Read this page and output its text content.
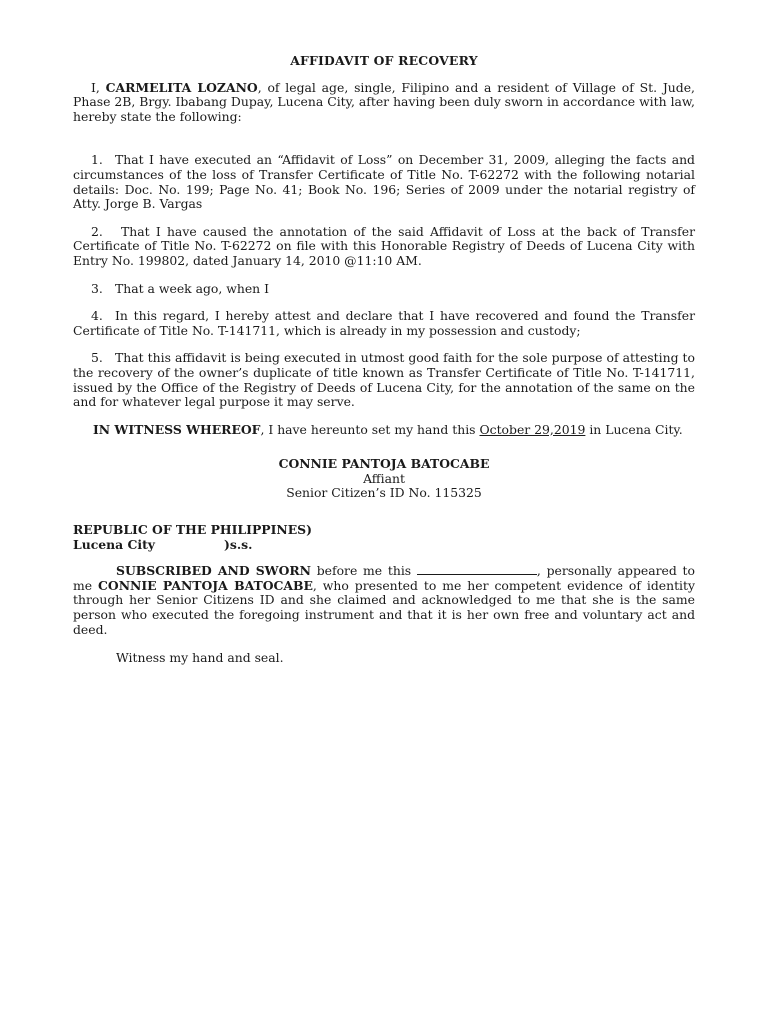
AFFIDAVIT OF RECOVERY

I, CARMELITA LOZANO, of legal age, single, Filipino and a resident of Village of St. Jude, Phase 2B, Brgy. Ibabang Dupay, Lucena City, after having been duly sworn in accordance with law, hereby state the following:

1. That I have executed an “Affidavit of Loss” on December 31, 2009, alleging the facts and circumstances of the loss of Transfer Certificate of Title No. T-62272 with the following notarial details: Doc. No. 199; Page No. 41; Book No. 196; Series of 2009 under the notarial registry of Atty. Jorge B. Vargas

2. That I have caused the annotation of the said Affidavit of Loss at the back of Transfer Certificate of Title No. T-62272 on file with this Honorable Registry of Deeds of Lucena City with Entry No. 199802, dated January 14, 2010 @11:10 AM.

3. That a week ago, when I

4. In this regard, I hereby attest and declare that I have recovered and found the Transfer Certificate of Title No. T-141711, which is already in my possession and custody;

5. That this affidavit is being executed in utmost good faith for the sole purpose of attesting to the recovery of the owner’s duplicate of title known as Transfer Certificate of Title No. T-141711, issued by the Office of the Registry of Deeds of Lucena City, for the annotation of the same on the and for whatever legal purpose it may serve.

IN WITNESS WHEREOF, I have hereunto set my hand this October 29,2019 in Lucena City.

CONNIE PANTOJA BATOCABE
Affiant
Senior Citizen’s ID No. 115325
REPUBLIC OF THE PHILIPPINES)
Lucena City	)s.s.

SUBSCRIBED AND SWORN before me this	, personally appeared to me CONNIE PANTOJA BATOCABE, who presented to me her competent evidence of identity through her Senior Citizens ID and she claimed and acknowledged to me that she is the same person who executed the foregoing instrument and that it is her own free and voluntary act and deed.

Witness my hand and seal.
